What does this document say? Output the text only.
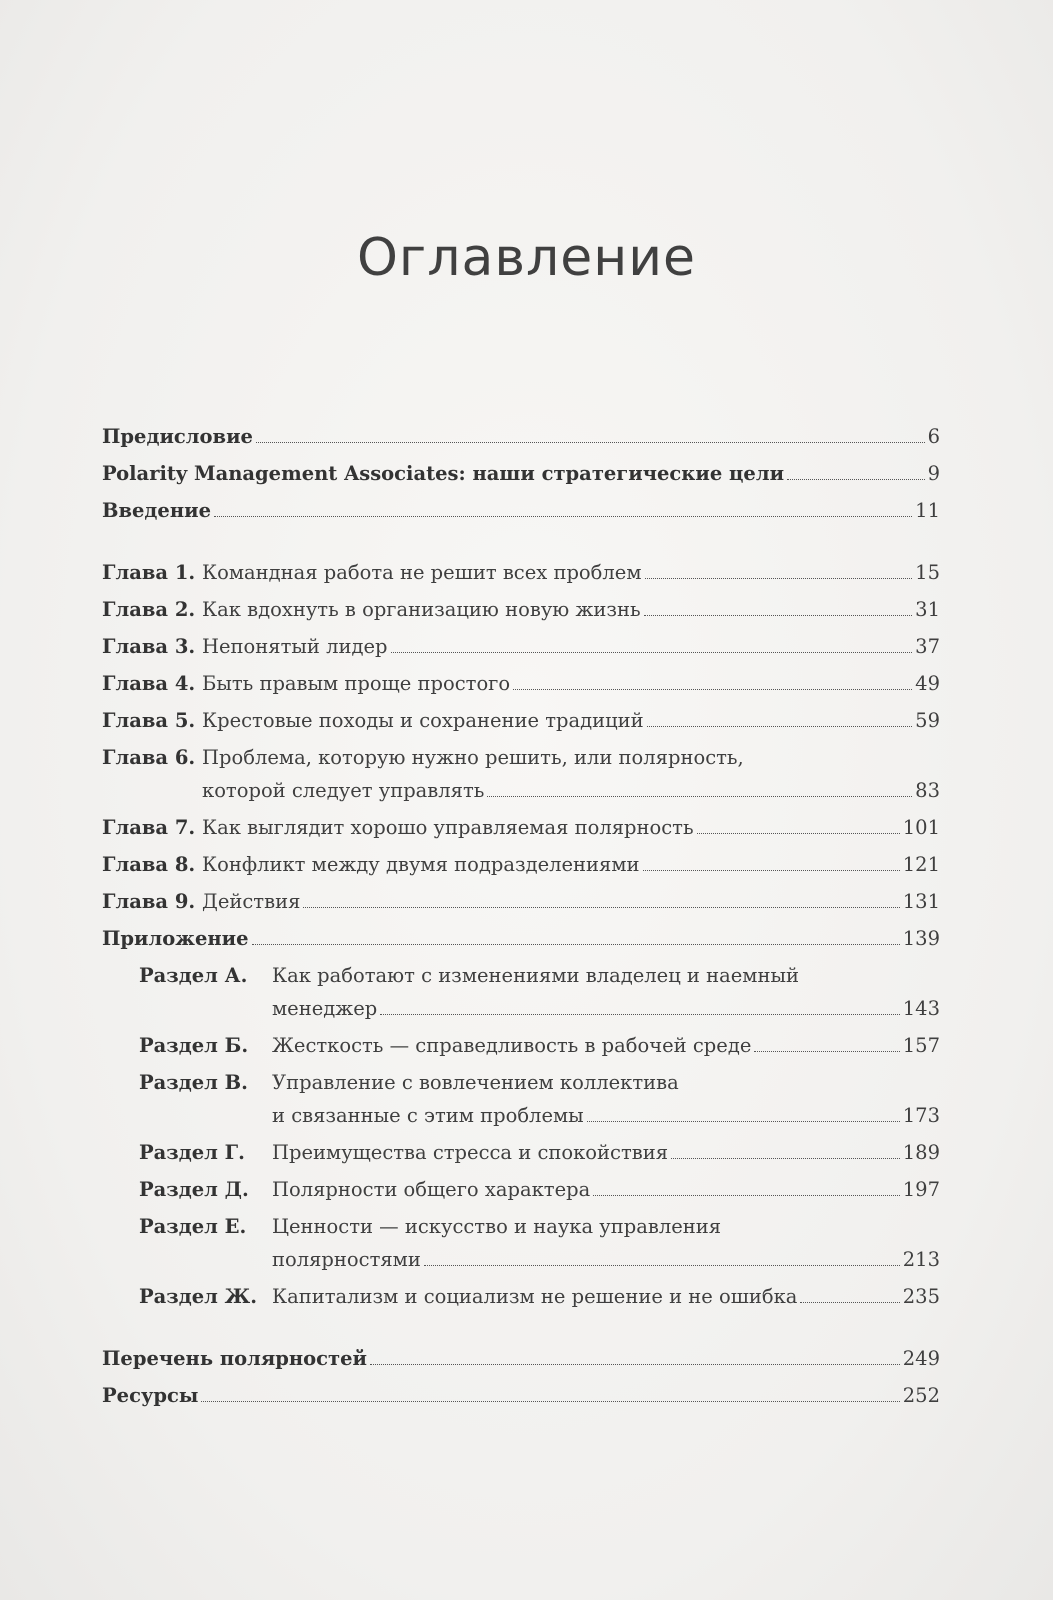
Оглавление
Предисловие	6
Polarity Management Associates: наши стратегические цели	9
Введение	11
Глава 1. Командная работа не решит всех проблем	15
Глава 2. Как вдохнуть в организацию новую жизнь	31
Глава 3. Непонятый лидер	37
Глава 4. Быть правым проще простого	49
Глава 5. Крестовые походы и сохранение традиций	59
Глава 6. Проблема, которую нужно решить, или полярность,
которой следует управлять	83
Глава 7. Как выглядит хорошо управляемая полярность	101
Глава 8. Конфликт между двумя подразделениями	121
Глава 9. Действия	131
Приложение	139
Раздел А.	Как работают с изменениями владелец и наемный
менеджер	143
Раздел Б.	Жесткость — справедливость в рабочей среде	157
Раздел В.	Управление с вовлечением коллектива
и связанные с этим проблемы	173
Раздел Г.	Преимущества стресса и спокойствия	189
Раздел Д.	Полярности общего характера	197
Раздел Е.	Ценности — искусство и наука управления
полярностями	213
Раздел Ж. Капитализм и социализм не решение и не ошибка	235
Перечень полярностей	249
Ресурсы	252
